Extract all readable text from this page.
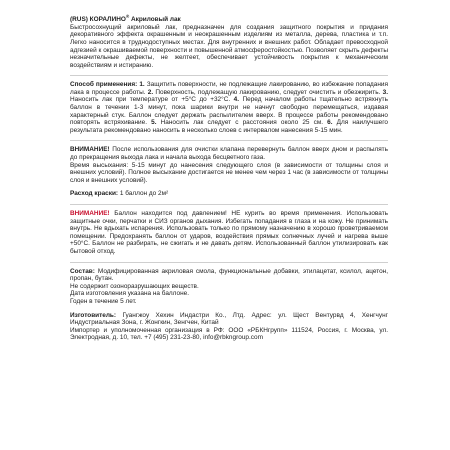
(RUS) КОРАЛИНО® Акриловый лак
Быстросохнущий акриловый лак, предназначен для создания защитного покрытия и придания декоративного эффекта окрашенным и неокрашенным изделиям из металла, дерева, пластика и т.п. Легко наносится в труднодоступных местах. Для внутренних и внешних работ. Обладает превосходной адгезией к окрашиваемой поверхности и повышенной атмосферостойкостью. Позволяет скрыть дефекты незначительные дефекты, не желтеет, обеспечивает устойчивость покрытия к механическим воздействиям и истиранию.
Способ применения: 1. Защитить поверхности, не подлежащие лакированию, во избежание попадания лака в процессе работы. 2. Поверхность, подлежащую лакированию, следует очистить и обезжирить. 3. Наносить лак при температуре от +5°С до +32°С. 4. Перед началом работы тщательно встряхнуть баллон в течении 1-3 минут, пока шарики внутри не начнут свободно перемещаться, издавая характерный стук. Баллон следует держать распылителем вверх. В процессе работы рекомендовано повторять встряхивание. 5. Наносить лак следует с расстояния около 25 см. 6. Для наилучшего результата рекомендовано наносить в несколько слоев с интервалом нанесения 5-15 мин.
ВНИМАНИЕ! После использования для очистки клапана перевернуть баллон вверх дном и распылять до прекращения выхода лака и начала выхода бесцветного газа.
Время высыхания: 5-15 минут до нанесения следующего слоя (в зависимости от толщины слоя и внешних условий). Полное высыхание достигается не менее чем через 1 час (в зависимости от толщины слоя и внешних условий).
Расход краски: 1 баллон до 2м²
ВНИМАНИЕ! Баллон находится под давлением! НЕ курить во время применения. Использовать защитные очки, перчатки и СИЗ органов дыхания. Избегать попадания в глаза и на кожу. Не принимать внутрь. Не вдыхать испарения. Использовать только по прямому назначению в хорошо проветриваемом помещении. Предохранять баллон от ударов, воздействия прямых солнечных лучей и нагрева выше +50°С. Баллон не разбирать, не сжигать и не давать детям. Использованный баллон утилизировать как бытовой отход.
Состав: Модифицированная акриловая смола, функциональные добавки, этилацетат, ксилол, ацетон, пропан, бутан.
Не содержит озоноразрушающих веществ.
Дата изготовления указана на баллоне.
Годен в течение 5 лет.
Изготовитель: Гуангжоу Хехин Индастри Ко., Лтд. Адрес: ул. Щест Вентурвд 4, Хенгчунг Индустриальная Зона, г. Жонгкин, Зенгчен, Китай
Импортер и уполномоченная организация в РФ: ООО «РБКНгрупп» 111524, Россия, г. Москва, ул. Электродная, д. 10, тел. +7 (495) 231-23-80, info@rbkngroup.com
